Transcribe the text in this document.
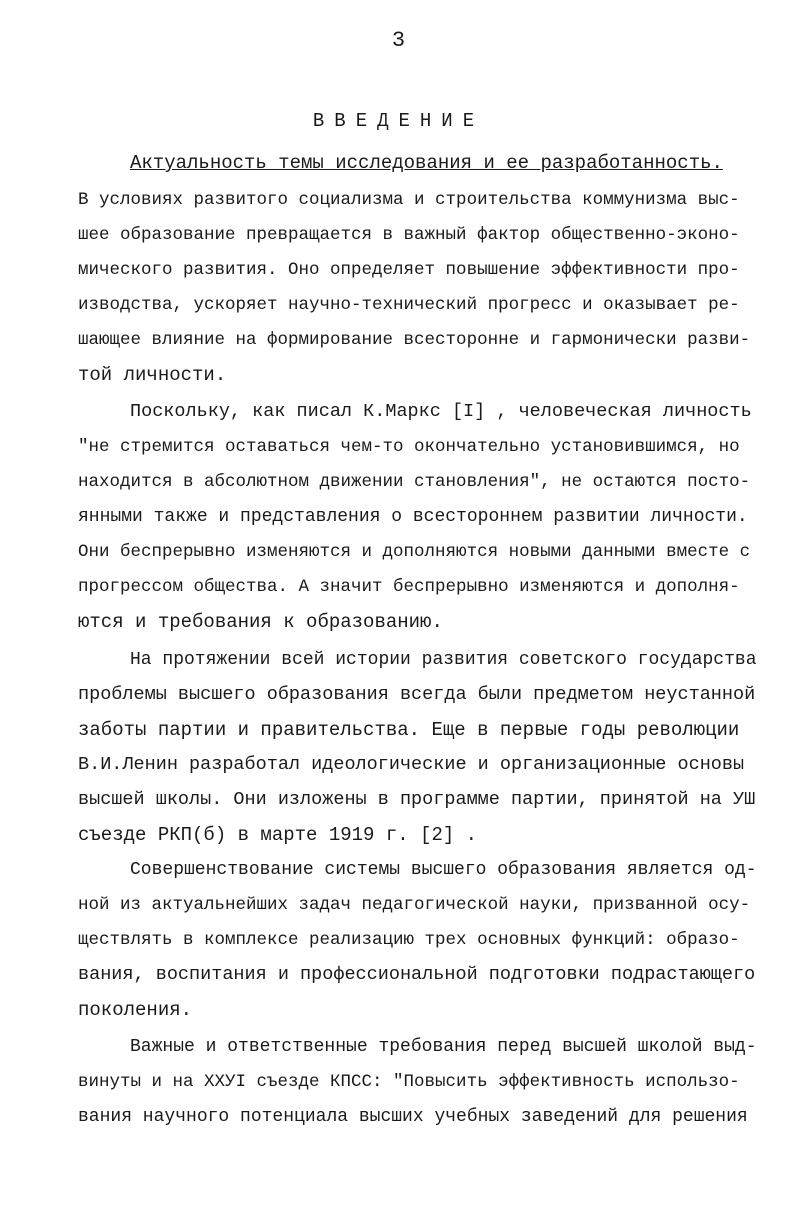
3
ВВЕДЕНИЕ
Актуальность темы исследования и ее разработанность.
В условиях развитого социализма и строительства коммунизма выс-
шее образование превращается в важный фактор общественно-эконо-
мического развития. Оно определяет повышение эффективности про-
изводства, ускоряет научно-технический прогресс и оказывает ре-
шающее влияние на формирование всесторонне и гармонически разви-
той личности.
Поскольку, как писал К.Маркс [I] , человеческая личность
"не стремится оставаться чем-то окончательно установившимся, но
находится в абсолютном движении становления", не остаются посто-
янными также и представления о всестороннем развитии личности.
Они беспрерывно изменяются и дополняются новыми данными вместе с
прогрессом общества. А значит беспрерывно изменяются и дополня-
ются и требования к образованию.
На протяжении всей истории развития советского государства
проблемы высшего образования всегда были предметом неустанной
заботы партии и правительства. Еще в первые годы революции
В.И.Ленин разработал идеологические и организационные основы
высшей школы. Они изложены в программе партии, принятой на УШ
съезде РКП(б) в марте 1919 г. [2] .
Совершенствование системы высшего образования является од-
ной из актуальнейших задач педагогической науки, призванной осу-
ществлять в комплексе реализацию трех основных функций: образо-
вания, воспитания и профессиональной подготовки подрастающего
поколения.
Важные и ответственные требования перед высшей школой выд-
винуты и на XXУI съезде КПСС: "Повысить эффективность использо-
вания научного потенциала высших учебных заведений для решения
